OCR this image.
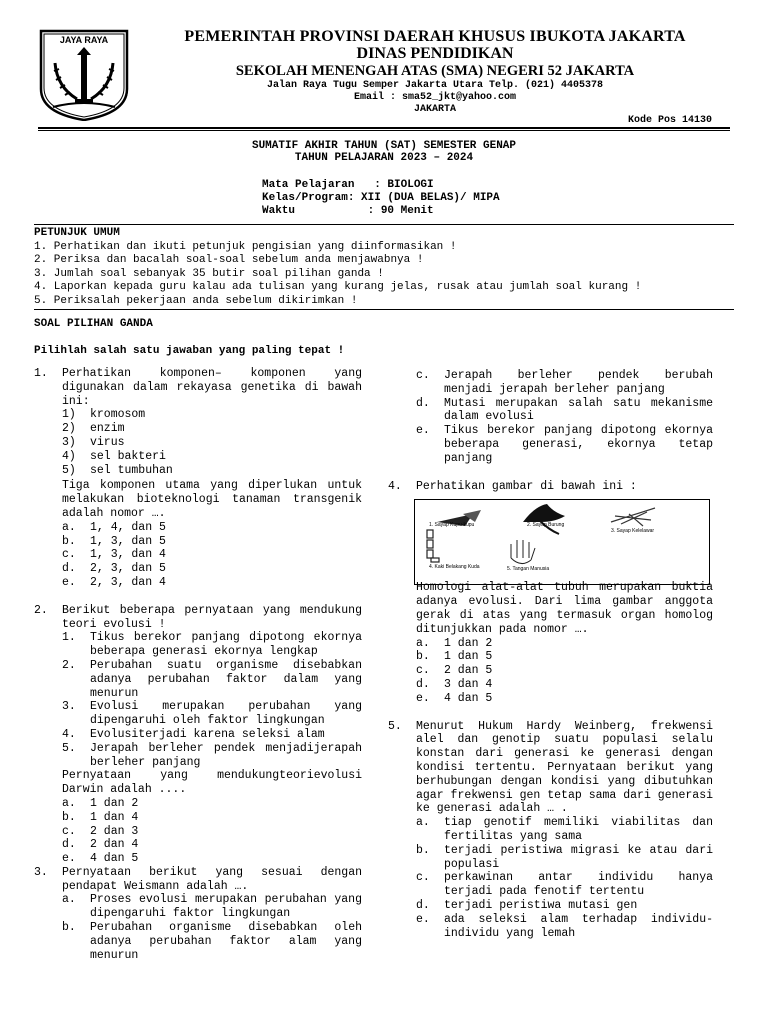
JAYA RAYA	PEMERINTAH PROVINSI DAERAH KHUSUS IBUKOTA JAKARTA
DINAS PENDIDIKAN
SEKOLAH MENENGAH ATAS (SMA) NEGERI 52 JAKARTA
Jalan Raya Tugu Semper Jakarta Utara Telp. (021) 4405378
Email : sma52_jkt@yahoo.com
JAKARTA
Kode Pos 14130
SUMATIF AKHIR TAHUN (SAT) SEMESTER GENAP
TAHUN PELAJARAN 2023 – 2024
Mata Pelajaran   : BIOLOGI
Kelas/Program: XII (DUA BELAS)/ MIPA
Waktu           : 90 Menit
PETUNJUK UMUM
1. Perhatikan dan ikuti petunjuk pengisian yang diinformasikan !
2. Periksa dan bacalah soal-soal sebelum anda menjawabnya !
3. Jumlah soal sebanyak 35 butir soal pilihan ganda !
4. Laporkan kepada guru kalau ada tulisan yang kurang jelas, rusak atau jumlah soal kurang !
5. Periksalah pekerjaan anda sebelum dikirimkan !
SOAL PILIHAN GANDA
Pilihlah salah satu jawaban yang paling tepat !
1.	Perhatikan komponen– komponen yang digunakan dalam rekayasa genetika di bawah ini:
1) kromosom
2) enzim
3) virus
4) sel bakteri
5) sel tumbuhan
Tiga komponen utama yang diperlukan untuk melakukan bioteknologi tanaman transgenik adalah nomor ….
a. 1, 4, dan 5
b. 1, 3, dan 5
c. 1, 3, dan 4
d. 2, 3, dan 5
e. 2, 3, dan 4
2.	Berikut beberapa pernyataan yang mendukung teori evolusi !
1. Tikus berekor panjang dipotong ekornya beberapa generasi ekornya lengkap
2. Perubahan suatu organisme disebabkan adanya perubahan faktor dalam yang menurun
3. Evolusi merupakan perubahan yang dipengaruhi oleh faktor lingkungan
4. Evolusiterjadi karena seleksi alam
5. Jerapah berleher pendek menjadijerapah berleher panjang
Pernyataan yang mendukungteorievolusi Darwin adalah ....
a. 1 dan 2
b. 1 dan 4
c. 2 dan 3
d. 2 dan 4
e. 4 dan 5
3.	Pernyataan berikut yang sesuai dengan pendapat Weismann adalah ….
a. Proses evolusi merupakan perubahan yang dipengaruhi faktor lingkungan
b. Perubahan organisme disebabkan oleh adanya perubahan faktor alam yang menurun
c. Jerapah berleher pendek berubah menjadi jerapah berleher panjang
d. Mutasi merupakan salah satu mekanisme dalam evolusi
e. Tikus berekor panjang dipotong ekornya beberapa generasi, ekornya tetap panjang
4.	Perhatikan gambar di bawah ini :
1. Sayap Kupu-kupu	2. Sayap Burung
3. Sayap Kelelawar
4. Kaki Belakang Kuda	5. Tangan Manusia
Homologi alat-alat tubuh merupakan buktia adanya evolusi. Dari lima gambar anggota gerak di atas yang termasuk organ homolog ditunjukkan pada nomor ….
a. 1 dan 2
b. 1 dan 5
c. 2 dan 5
d. 3 dan 4
e. 4 dan 5
5.	Menurut Hukum Hardy Weinberg, frekwensi alel dan genotip suatu populasi selalu konstan dari generasi ke generasi dengan kondisi tertentu. Pernyataan berikut yang berhubungan dengan kondisi yang dibutuhkan agar frekwensi gen tetap sama dari generasi ke generasi adalah … .
a. tiap genotif memiliki viabilitas dan fertilitas yang sama
b. terjadi peristiwa migrasi ke atau dari populasi
c. perkawinan antar individu hanya terjadi pada fenotif tertentu
d. terjadi peristiwa mutasi gen
e. ada seleksi alam terhadap individu-individu yang lemah
